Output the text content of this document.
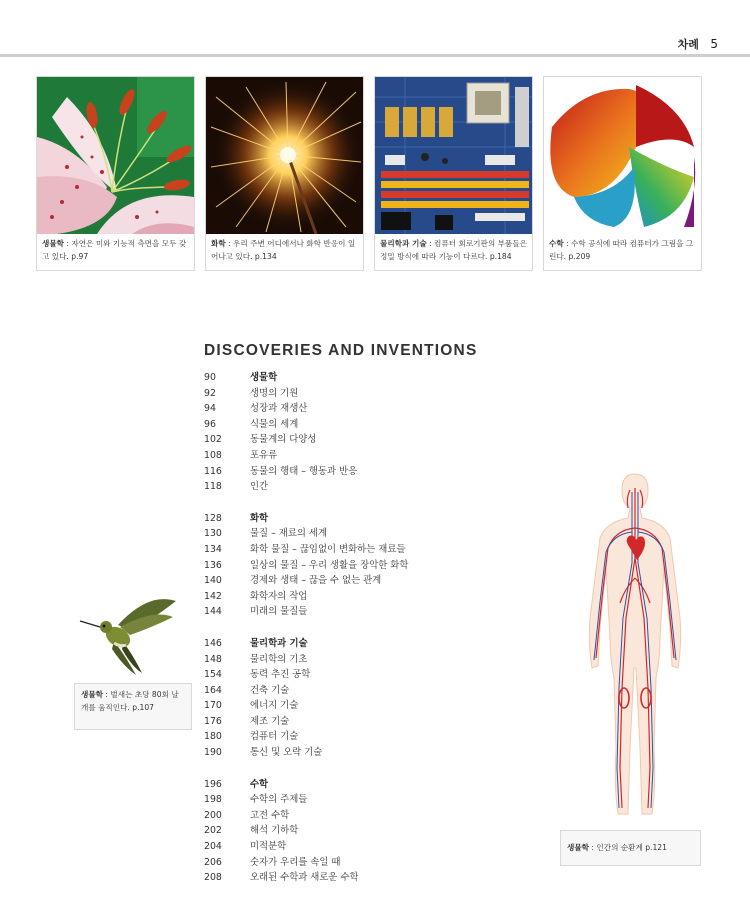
차례 5
생물학 : 자연은 미와 기능적 측면을 모두 갖고 있다. p.97
화학 : 우리 주변 어디에서나 화학 반응이 일어나고 있다. p.134
물리학과 기술 : 컴퓨터 회로기판의 부품들은 정밀 방식에 따라 기능이 다르다. p.184
수학 : 수학 공식에 따라 컴퓨터가 그림을 그린다. p.209
DISCOVERIES AND INVENTIONS
90	생물학
92	생명의 기원
94	성장과 재생산
96	식물의 세계
102	동물계의 다양성
108	포유류
116	동물의 행태 – 행동과 반응
118	인간
128	화학
130	물질 – 재료의 세계
134	화학 물질 – 끊임없이 변화하는 재료들
136	일상의 물질 – 우리 생활을 장악한 화학
140	경제와 생태 – 끊을 수 없는 관계
142	화학자의 작업
144	미래의 물질들
146	물리학과 기술
148	물리학의 기초
154	동력 추진 공학
164	건축 기술
170	에너지 기술
176	제조 기술
180	컴퓨터 기술
190	통신 및 오락 기술
196	수학
198	수학의 주제들
200	고전 수학
202	해석 기하학
204	미적분학
206	숫자가 우리를 속일 때
208	오래된 수학과 새로운 수학
생물학 : 벌새는 초당 80회 날개를 움직인다. p.107
생물학 : 인간의 순환계 p.121
